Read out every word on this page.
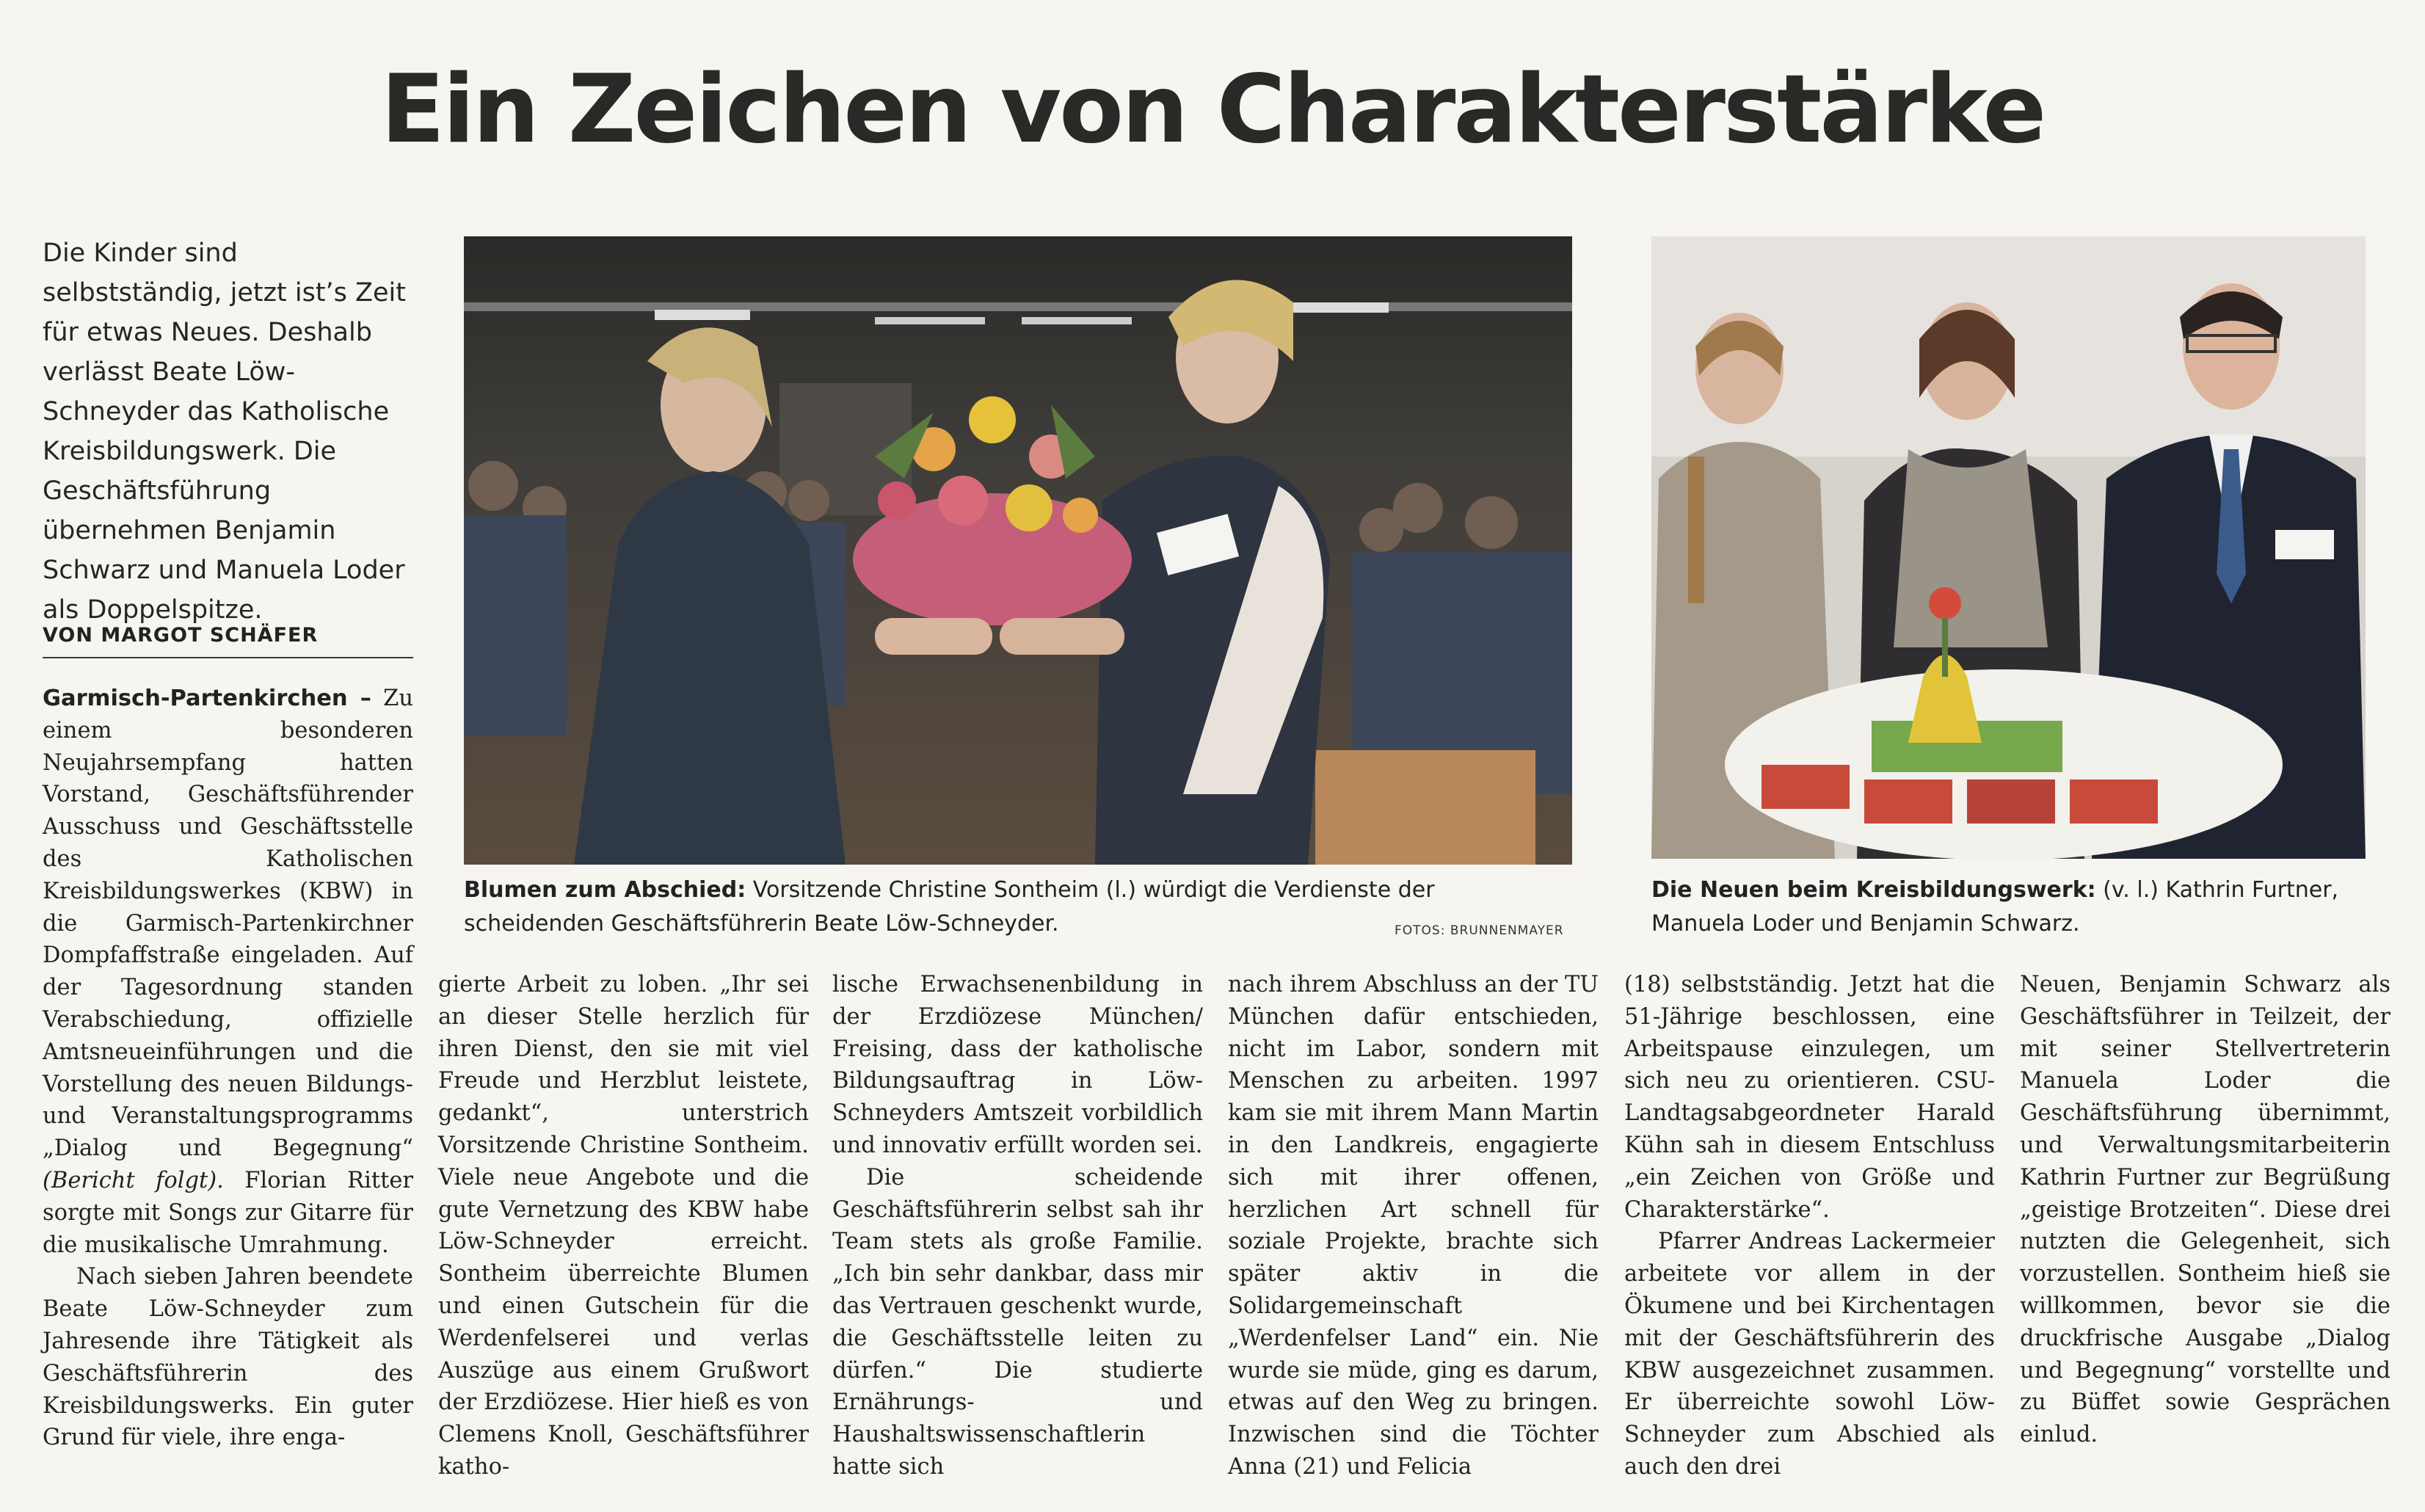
Ein Zeichen von Charakterstärke

Die Kinder sind selbstständig, jetzt ist’s Zeit für etwas Neues. Deshalb verlässt Beate Löw-Schneyder das Katholische Kreisbildungswerk. Die Geschäftsführung übernehmen Benjamin Schwarz und Manuela Loder als Doppelspitze.

VON MARGOT SCHÄFER
Blumen zum Abschied: Vorsitzende Christine Sontheim (l.) würdigt die Verdienste der scheidenden Geschäftsführerin Beate Löw-Schneyder.	FOTOS: BRUNNENMAYER
Die Neuen beim Kreisbildungswerk: (v. l.) Kathrin Furtner, Manuela Loder und Benjamin Schwarz.

Garmisch-Partenkirchen – Zu einem besonderen Neujahrsempfang hatten Vorstand, Geschäftsführender Ausschuss und Geschäftsstelle des Katholischen Kreisbildungswerkes (KBW) in die Garmisch-Partenkirchner Dompfaffstraße eingeladen. Auf der Tagesordnung standen Verabschiedung, offizielle Amtsneueinführungen und die Vorstellung des neuen Bildungs- und Veranstaltungsprogramms „Dialog und Begegnung“ (Bericht folgt). Florian Ritter sorgte mit Songs zur Gitarre für die musikalische Umrahmung.

Nach sieben Jahren beendete Beate Löw-Schneyder zum Jahresende ihre Tätigkeit als Geschäftsführerin des Kreisbildungswerks. Ein guter Grund für viele, ihre enga-

gierte Arbeit zu loben. „Ihr sei an dieser Stelle herzlich für ihren Dienst, den sie mit viel Freude und Herzblut leistete, gedankt“, unterstrich Vorsitzende Christine Sontheim. Viele neue Angebote und die gute Vernetzung des KBW habe Löw-Schneyder erreicht. Sontheim überreichte Blumen und einen Gutschein für die Werdenfelserei und verlas Auszüge aus einem Grußwort der Erzdiözese. Hier hieß es von Clemens Knoll, Geschäftsführer katho-

lische Erwachsenenbildung in der Erzdiözese München/ Freising, dass der katholische Bildungsauftrag in Löw-Schneyders Amtszeit vorbildlich und innovativ erfüllt worden sei.

Die scheidende Geschäftsführerin selbst sah ihr Team stets als große Familie. „Ich bin sehr dankbar, dass mir das Vertrauen geschenkt wurde, die Geschäftsstelle leiten zu dürfen.“ Die studierte Ernährungs- und Haushaltswissenschaftlerin hatte sich

nach ihrem Abschluss an der TU München dafür entschieden, nicht im Labor, sondern mit Menschen zu arbeiten. 1997 kam sie mit ihrem Mann Martin in den Landkreis, engagierte sich mit ihrer offenen, herzlichen Art schnell für soziale Projekte, brachte sich später aktiv in die Solidargemeinschaft „Werdenfelser Land“ ein. Nie wurde sie müde, ging es darum, etwas auf den Weg zu bringen. Inzwischen sind die Töchter Anna (21) und Felicia

(18) selbstständig. Jetzt hat die 51-Jährige beschlossen, eine Arbeitspause einzulegen, um sich neu zu orientieren. CSU-Landtagsabgeordneter Harald Kühn sah in diesem Entschluss „ein Zeichen von Größe und Charakterstärke“.

Pfarrer Andreas Lackermeier arbeitete vor allem in der Ökumene und bei Kirchentagen mit der Geschäftsführerin des KBW ausgezeichnet zusammen. Er überreichte sowohl Löw-Schneyder zum Abschied als auch den drei

Neuen, Benjamin Schwarz als Geschäftsführer in Teilzeit, der mit seiner Stellvertreterin Manuela Loder die Geschäftsführung übernimmt, und Verwaltungsmitarbeiterin Kathrin Furtner zur Begrüßung „geistige Brotzeiten“. Diese drei nutzten die Gelegenheit, sich vorzustellen. Sontheim hieß sie willkommen, bevor sie die druckfrische Ausgabe „Dialog und Begegnung“ vorstellte und zu Büffet sowie Gesprächen einlud.
